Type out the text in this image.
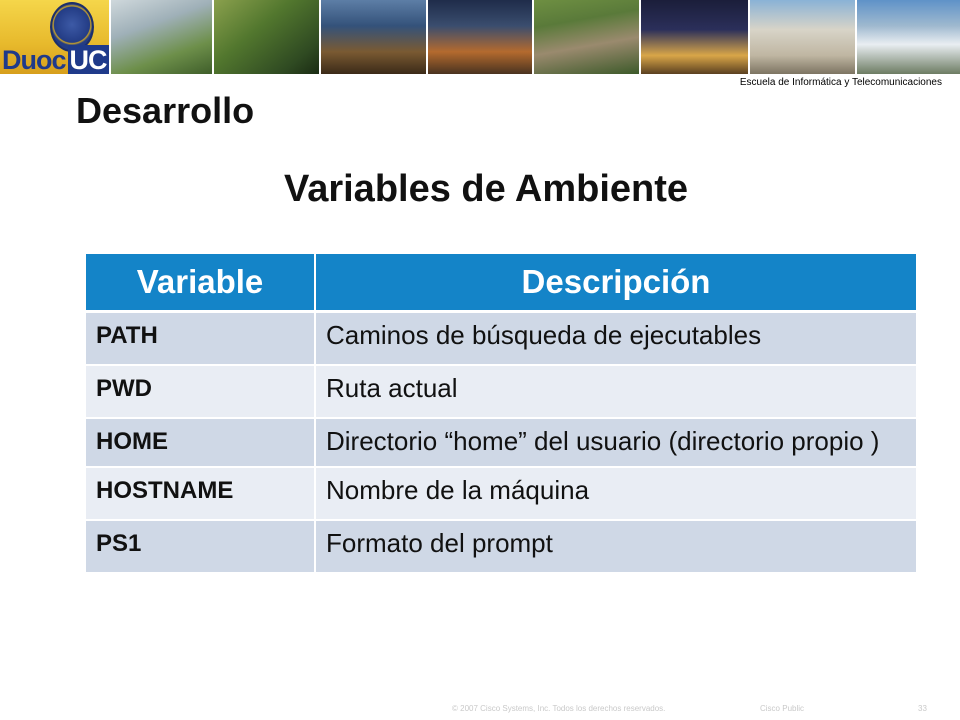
Duoc UC
Escuela de Informática y Telecomunicaciones
Desarrollo
Variables de Ambiente
Variable	Descripción
PATH	Caminos de búsqueda de ejecutables
PWD	Ruta actual
HOME	Directorio “home” del usuario (directorio propio )
HOSTNAME	Nombre de la máquina
PS1	Formato del prompt
© 2007 Cisco Systems, Inc. Todos los derechos reservados.	Cisco Public	33
